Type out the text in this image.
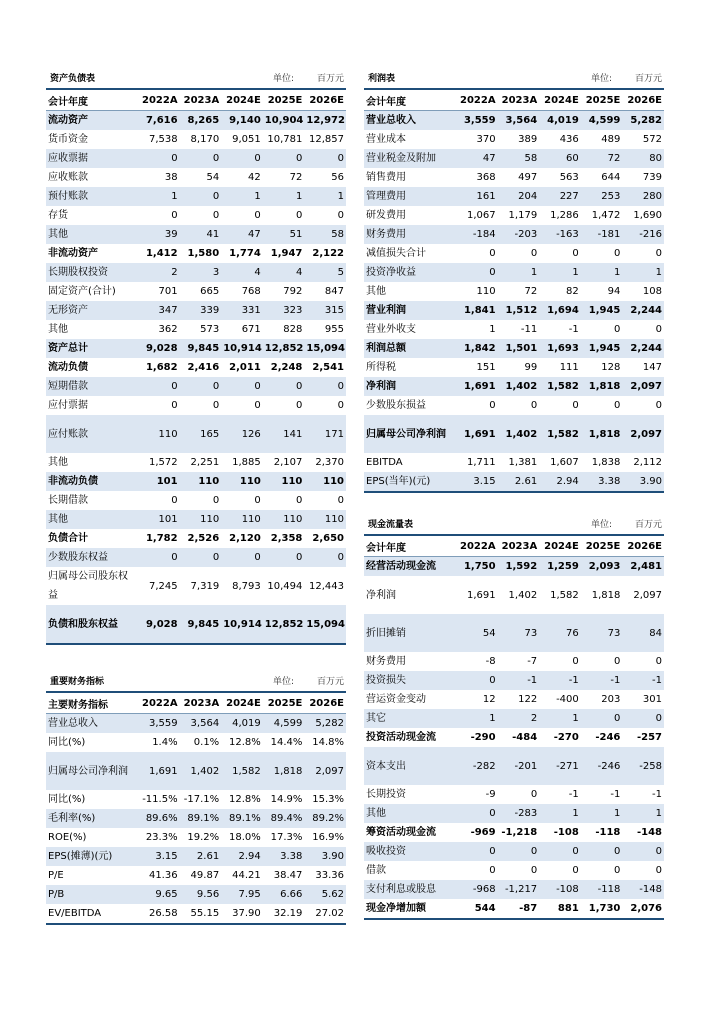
资产负债表	单位:	百万元
会计年度	2022A	2023A	2024E	2025E	2026E
流动资产	7,616	8,265	9,140	10,904	12,972
货币资金	7,538	8,170	9,051	10,781	12,857
应收票据	0	0	0	0	0
应收账款	38	54	42	72	56
预付账款	1	0	1	1	1
存货	0	0	0	0	0
其他	39	41	47	51	58
非流动资产	1,412	1,580	1,774	1,947	2,122
长期股权投资	2	3	4	4	5
固定资产(合计)	701	665	768	792	847
无形资产	347	339	331	323	315
其他	362	573	671	828	955
资产总计	9,028	9,845	10,914	12,852	15,094
流动负债	1,682	2,416	2,011	2,248	2,541
短期借款	0	0	0	0	0
应付票据	0	0	0	0	0
应付账款	110	165	126	141	171
其他	1,572	2,251	1,885	2,107	2,370
非流动负债	101	110	110	110	110
长期借款	0	0	0	0	0
其他	101	110	110	110	110
负债合计	1,782	2,526	2,120	2,358	2,650
少数股东权益	0	0	0	0	0
归属母公司股东权益	7,245	7,319	8,793	10,494	12,443
负债和股东权益	9,028	9,845	10,914	12,852	15,094
利润表	单位:	百万元
会计年度	2022A	2023A	2024E	2025E	2026E
营业总收入	3,559	3,564	4,019	4,599	5,282
营业成本	370	389	436	489	572
营业税金及附加	47	58	60	72	80
销售费用	368	497	563	644	739
管理费用	161	204	227	253	280
研发费用	1,067	1,179	1,286	1,472	1,690
财务费用	-184	-203	-163	-181	-216
减值损失合计	0	0	0	0	0
投资净收益	0	1	1	1	1
其他	110	72	82	94	108
营业利润	1,841	1,512	1,694	1,945	2,244
营业外收支	1	-11	-1	0	0
利润总额	1,842	1,501	1,693	1,945	2,244
所得税	151	99	111	128	147
净利润	1,691	1,402	1,582	1,818	2,097
少数股东损益	0	0	0	0	0
归属母公司净利润	1,691	1,402	1,582	1,818	2,097
EBITDA	1,711	1,381	1,607	1,838	2,112
EPS(当年)(元)	3.15	2.61	2.94	3.38	3.90
现金流量表	单位:	百万元
会计年度	2022A	2023A	2024E	2025E	2026E
经营活动现金流	1,750	1,592	1,259	2,093	2,481
净利润	1,691	1,402	1,582	1,818	2,097
折旧摊销	54	73	76	73	84
财务费用	-8	-7	0	0	0
投资损失	0	-1	-1	-1	-1
营运资金变动	12	122	-400	203	301
其它	1	2	1	0	0
投资活动现金流	-290	-484	-270	-246	-257
资本支出	-282	-201	-271	-246	-258
长期投资	-9	0	-1	-1	-1
其他	0	-283	1	1	1
筹资活动现金流	-969	-1,218	-108	-118	-148
吸收投资	0	0	0	0	0
借款	0	0	0	0	0
支付利息或股息	-968	-1,217	-108	-118	-148
现金净增加额	544	-87	881	1,730	2,076
重要财务指标	单位:	百万元
主要财务指标	2022A	2023A	2024E	2025E	2026E
营业总收入	3,559	3,564	4,019	4,599	5,282
同比(%)	1.4%	0.1%	12.8%	14.4%	14.8%
归属母公司净利润	1,691	1,402	1,582	1,818	2,097
同比(%)	-11.5%	-17.1%	12.8%	14.9%	15.3%
毛利率(%)	89.6%	89.1%	89.1%	89.4%	89.2%
ROE(%)	23.3%	19.2%	18.0%	17.3%	16.9%
EPS(摊薄)(元)	3.15	2.61	2.94	3.38	3.90
P/E	41.36	49.87	44.21	38.47	33.36
P/B	9.65	9.56	7.95	6.66	5.62
EV/EBITDA	26.58	55.15	37.90	32.19	27.02
